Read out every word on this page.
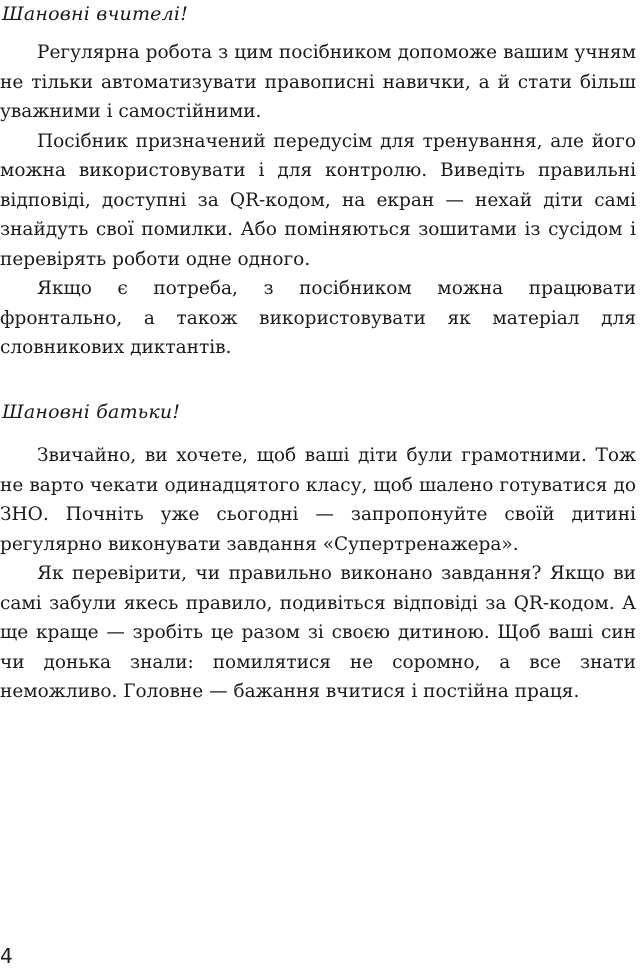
Шановні вчителі!

Регулярна робота з цим посібником допоможе вашим учням не тільки автоматизувати правописні навички, а й стати більш уважними і самостійними.

Посібник призначений передусім для тренування, але його можна використовувати і для контролю. Виведіть правильні відповіді, доступні за QR-кодом, на екран — нехай діти самі знайдуть свої помилки. Або поміняються зошитами із сусідом і перевірять роботи одне одного.

Якщо є потреба, з посібником можна працювати фронтально, а також використовувати як матеріал для словникових диктантів.

Шановні батьки!

Звичайно, ви хочете, щоб ваші діти були грамотними. Тож не варто чекати одинадцятого класу, щоб шалено готуватися до ЗНО. Почніть уже сьогодні — запропонуйте своїй дитині регулярно виконувати завдання «Супертренажера».

Як перевірити, чи правильно виконано завдання? Якщо ви самі забули якесь правило, подивіться відповіді за QR-кодом. А ще краще — зробіть це разом зі своєю дитиною. Щоб ваші син чи донька знали: помилятися не соромно, а все знати неможливо. Головне — бажання вчитися і постійна праця.

4
